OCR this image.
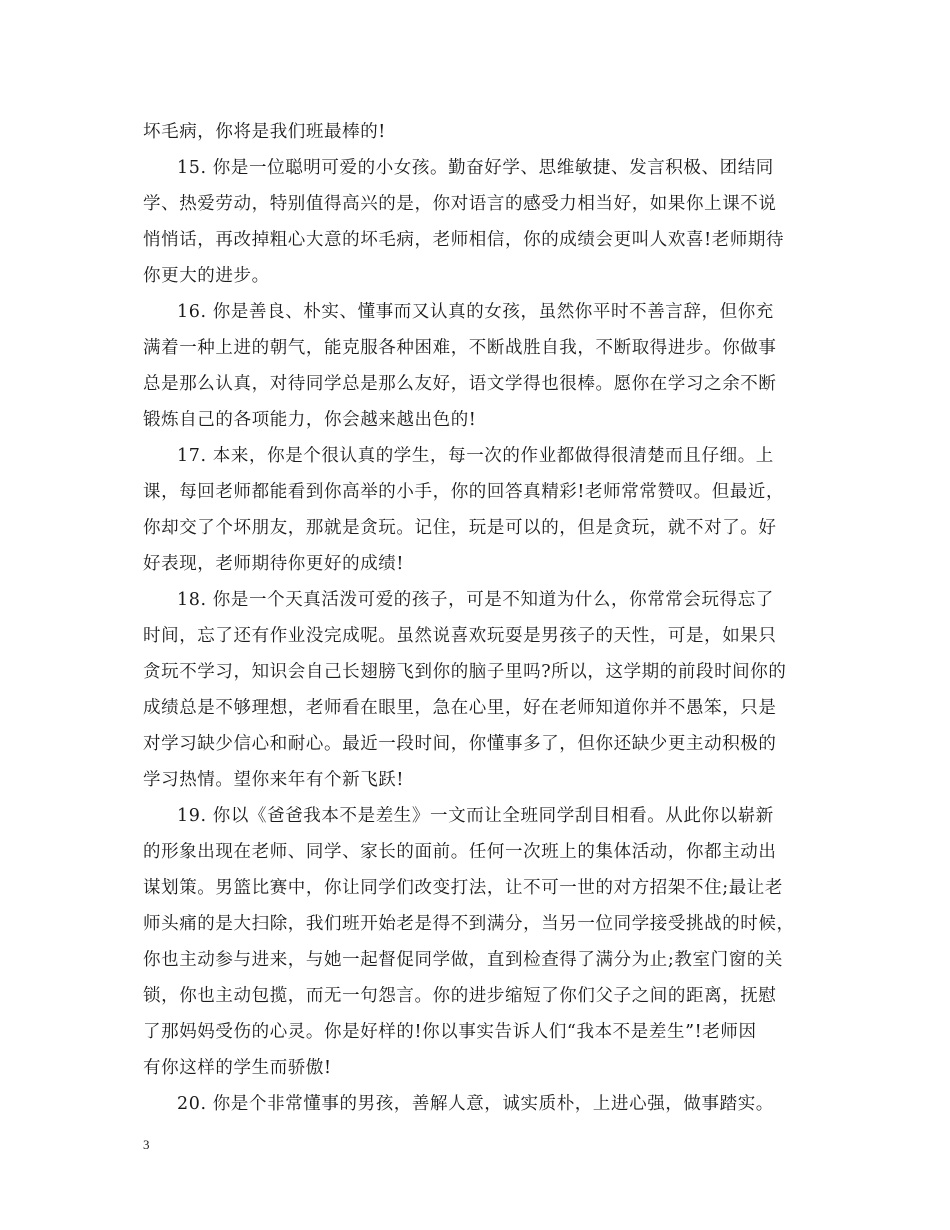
坏毛病，你将是我们班最棒的!
15. 你是一位聪明可爱的小女孩。勤奋好学、思维敏捷、发言积极、团结同
学、热爱劳动，特别值得高兴的是，你对语言的感受力相当好，如果你上课不说
悄悄话，再改掉粗心大意的坏毛病，老师相信，你的成绩会更叫人欢喜!老师期待
你更大的进步。
16. 你是善良、朴实、懂事而又认真的女孩，虽然你平时不善言辞，但你充
满着一种上进的朝气，能克服各种困难，不断战胜自我，不断取得进步。你做事
总是那么认真，对待同学总是那么友好，语文学得也很棒。愿你在学习之余不断
锻炼自己的各项能力，你会越来越出色的!
17. 本来，你是个很认真的学生，每一次的作业都做得很清楚而且仔细。上
课，每回老师都能看到你高举的小手，你的回答真精彩!老师常常赞叹。但最近，
你却交了个坏朋友，那就是贪玩。记住，玩是可以的，但是贪玩，就不对了。好
好表现，老师期待你更好的成绩!
18. 你是一个天真活泼可爱的孩子，可是不知道为什么，你常常会玩得忘了
时间，忘了还有作业没完成呢。虽然说喜欢玩耍是男孩子的天性，可是，如果只
贪玩不学习，知识会自己长翅膀飞到你的脑子里吗?所以，这学期的前段时间你的
成绩总是不够理想，老师看在眼里，急在心里，好在老师知道你并不愚笨，只是
对学习缺少信心和耐心。最近一段时间，你懂事多了，但你还缺少更主动积极的
学习热情。望你来年有个新飞跃!
19. 你以《爸爸我本不是差生》一文而让全班同学刮目相看。从此你以崭新
的形象出现在老师、同学、家长的面前。任何一次班上的集体活动，你都主动出
谋划策。男篮比赛中，你让同学们改变打法，让不可一世的对方招架不住;最让老
师头痛的是大扫除，我们班开始老是得不到满分，当另一位同学接受挑战的时候，
你也主动参与进来，与她一起督促同学做，直到检查得了满分为止;教室门窗的关
锁，你也主动包揽，而无一句怨言。你的进步缩短了你们父子之间的距离，抚慰
了那妈妈受伤的心灵。你是好样的!你以事实告诉人们“我本不是差生”!老师因
有你这样的学生而骄傲!
20. 你是个非常懂事的男孩，善解人意，诚实质朴，上进心强，做事踏实。
3
